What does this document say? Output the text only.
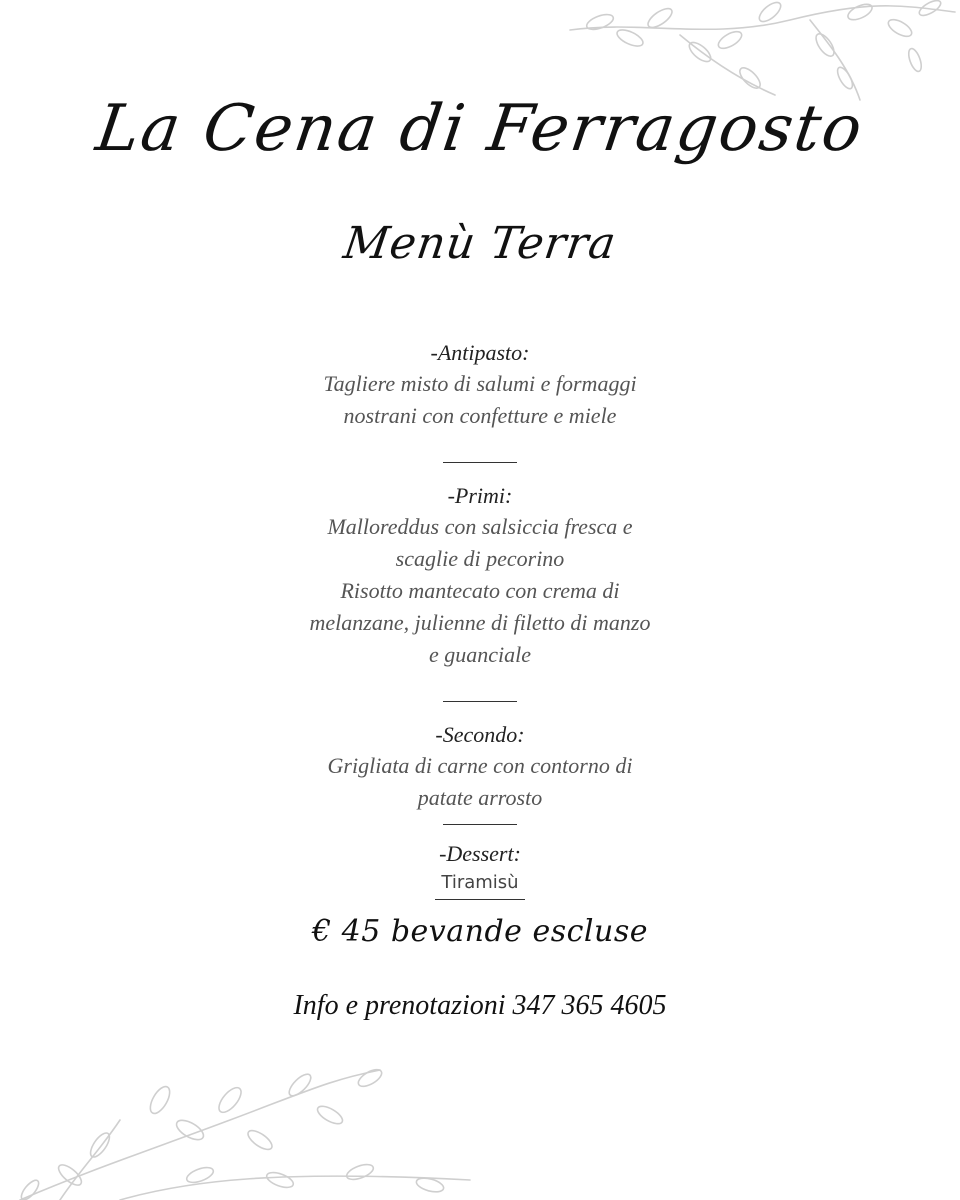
La Cena di Ferragosto
Menù Terra
-Antipasto:
Tagliere misto di salumi e formaggi
nostrani con confetture e miele
-Primi:
Malloreddus con salsiccia fresca e
scaglie di pecorino
Risotto mantecato con crema di
melanzane, julienne di filetto di manzo
e guanciale
-Secondo:
Grigliata di carne con contorno di
patate arrosto
-Dessert:
Tiramisù
€ 45 bevande escluse
Info e prenotazioni 347 365 4605
